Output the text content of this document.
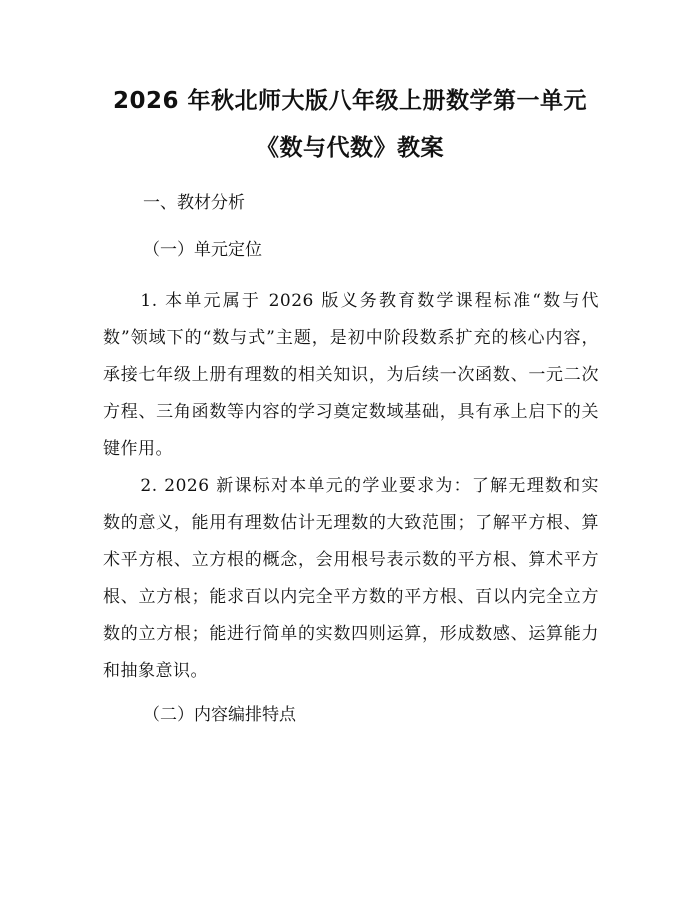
2026 年秋北师大版八年级上册数学第一单元
《数与代数》教案
一、教材分析
（一）单元定位

1. 本单元属于 2026 版义务教育数学课程标准“数与代数”领域下的“数与式”主题，是初中阶段数系扩充的核心内容，承接七年级上册有理数的相关知识，为后续一次函数、一元二次方程、三角函数等内容的学习奠定数域基础，具有承上启下的关键作用。

2. 2026 新课标对本单元的学业要求为：了解无理数和实数的意义，能用有理数估计无理数的大致范围；了解平方根、算术平方根、立方根的概念，会用根号表示数的平方根、算术平方根、立方根；能求百以内完全平方数的平方根、百以内完全立方数的立方根；能进行简单的实数四则运算，形成数感、运算能力和抽象意识。

（二）内容编排特点
